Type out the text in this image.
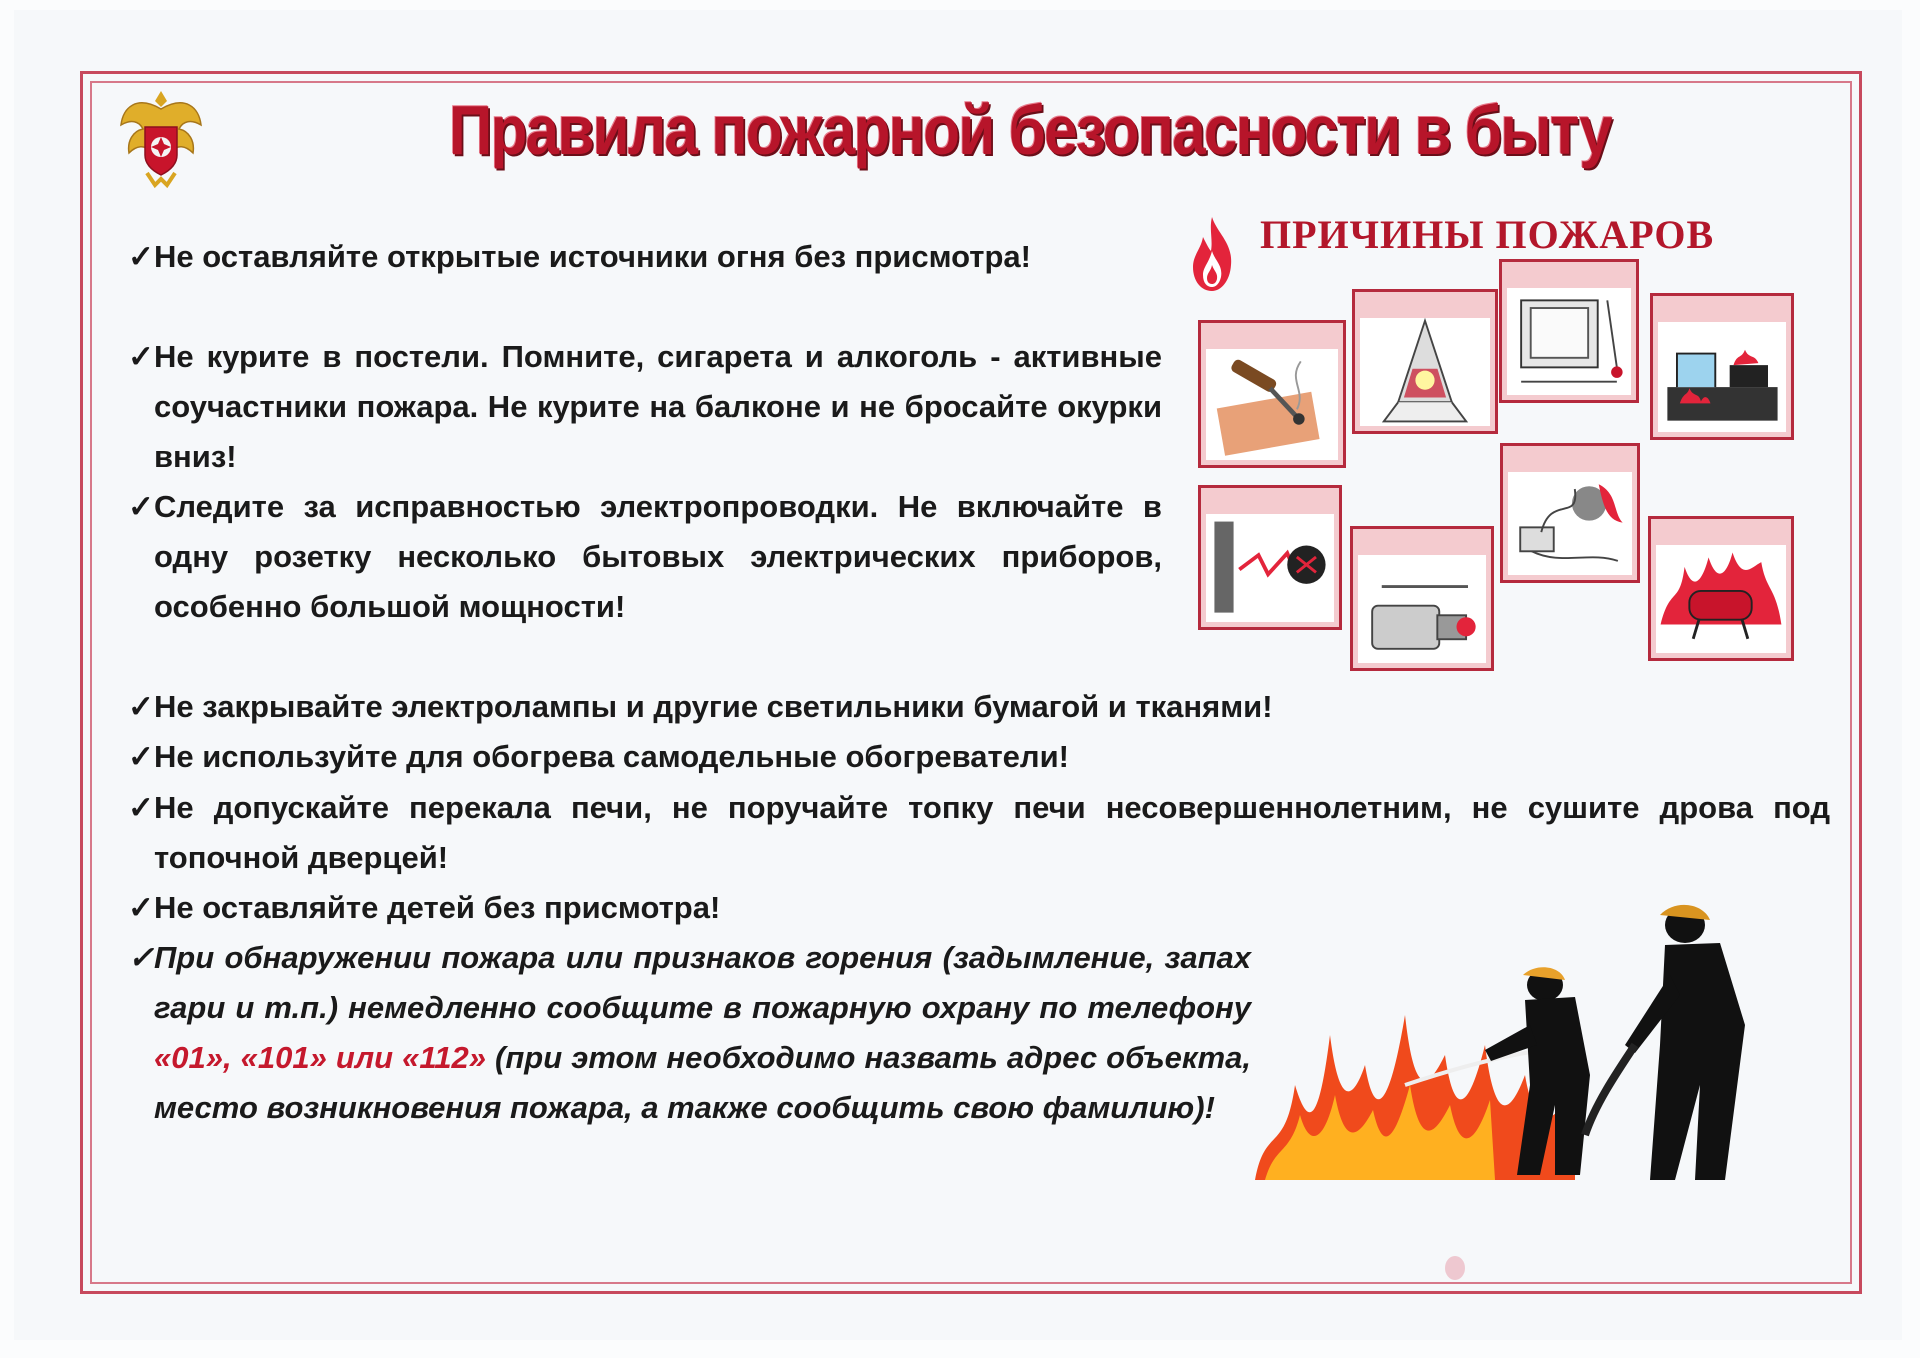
Правила пожарной безопасности в быту

✓ Не оставляйте открытые источники огня без присмотра!

✓ Не курите в постели. Помните, сигарета и алкоголь - активные соучастники пожара. Не курите на балконе и не бросайте окурки вниз!

✓ Следите за исправностью электропроводки. Не включайте в одну розетку несколько бытовых электрических приборов, особенно большой мощности!

✓ Не закрывайте электролампы и другие светильники бумагой и тканями!

✓ Не используйте для обогрева самодельные обогреватели!

✓ Не допускайте перекала печи, не поручайте топку печи несовершеннолетним, не сушите дрова под топочной дверцей!

✓ Не оставляйте детей без присмотра!

✓ При обнаружении пожара или признаков горения (задымление, запах гари и т.п.) немедленно сообщите в пожарную охрану по телефону «01», «101» или «112» (при этом необходимо назвать адрес объекта, место возникновения пожара, а также сообщить свою фамилию)!

ПРИЧИНЫ ПОЖАРОВ
